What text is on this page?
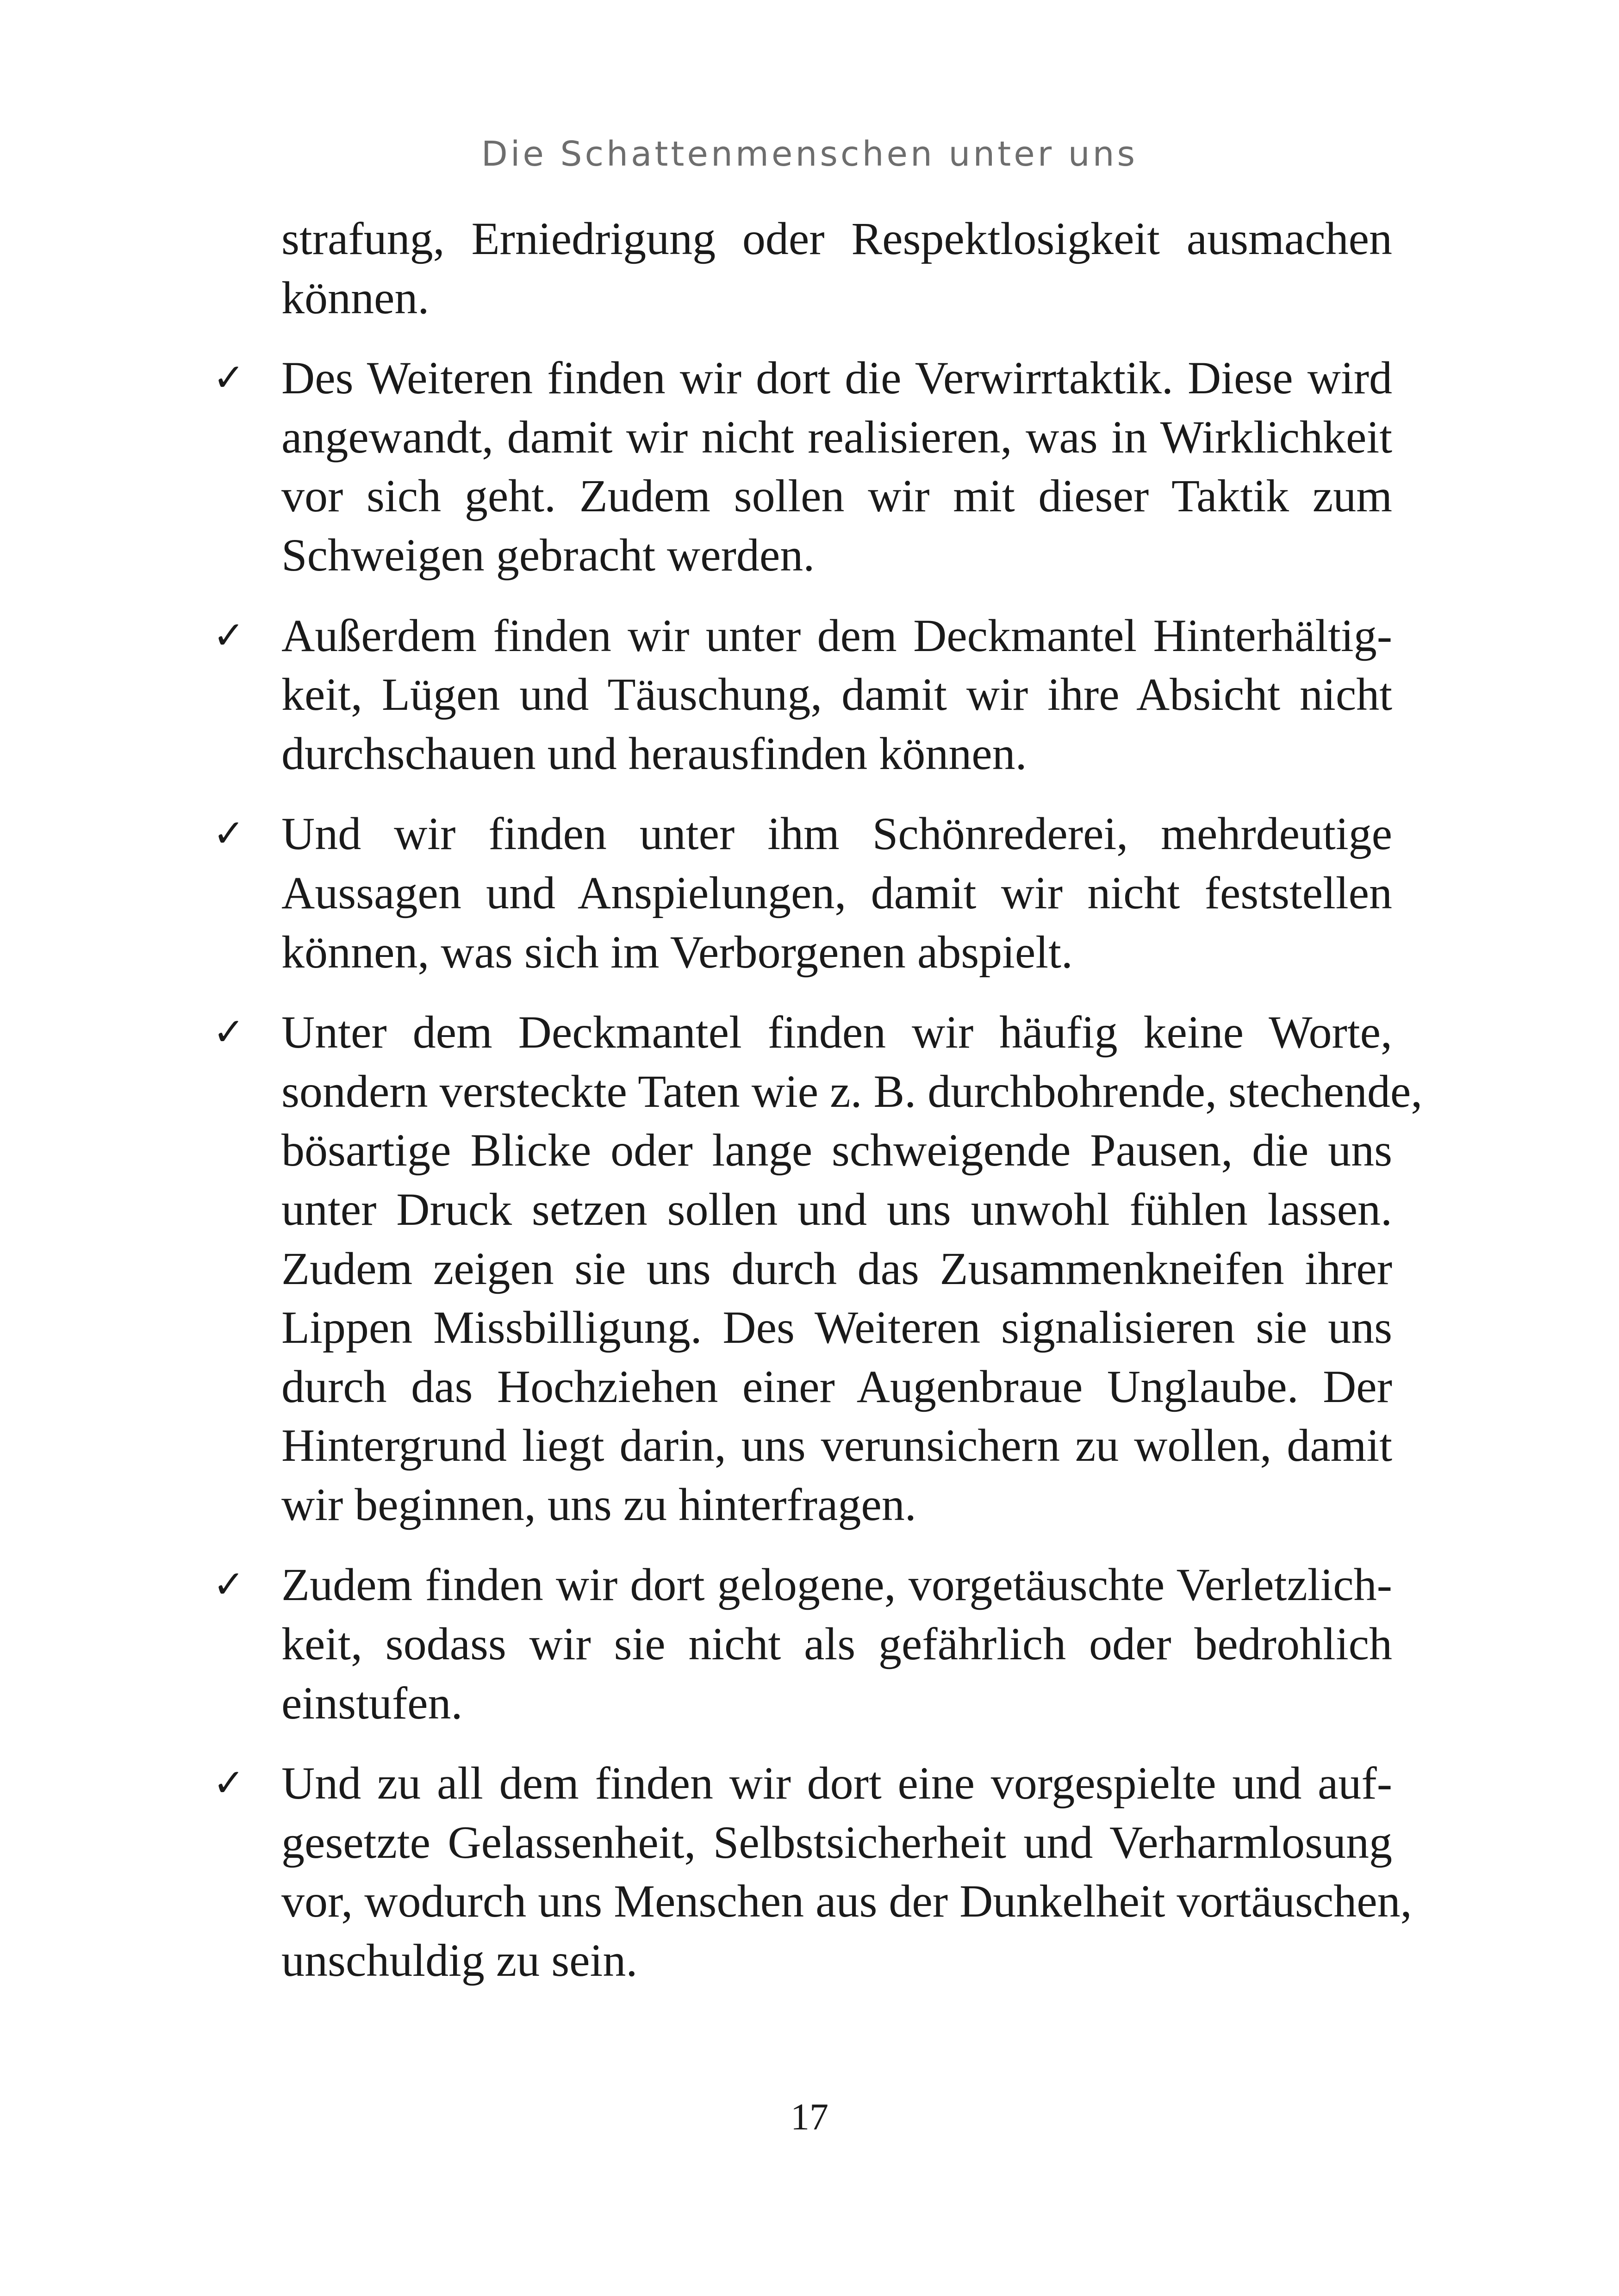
Die Schattenmenschen unter uns
strafung, Erniedrigung oder Respektlosigkeit ausmachen
können.
✓ Des Weiteren finden wir dort die Verwirrtaktik. Diese wird
angewandt, damit wir nicht realisieren, was in Wirklichkeit
vor sich geht. Zudem sollen wir mit dieser Taktik zum
Schweigen gebracht werden.
✓ Außerdem finden wir unter dem Deckmantel Hinterhältig-
keit, Lügen und Täuschung, damit wir ihre Absicht nicht
durchschauen und herausfinden können.
✓ Und wir finden unter ihm Schönrederei, mehrdeutige
Aussagen und Anspielungen, damit wir nicht feststellen
können, was sich im Verborgenen abspielt.
✓ Unter dem Deckmantel finden wir häufig keine Worte,
sondern versteckte Taten wie z. B. durchbohrende, stechende,
bösartige Blicke oder lange schweigende Pausen, die uns
unter Druck setzen sollen und uns unwohl fühlen lassen.
Zudem zeigen sie uns durch das Zusammenkneifen ihrer
Lippen Missbilligung. Des Weiteren signalisieren sie uns
durch das Hochziehen einer Augenbraue Unglaube. Der
Hintergrund liegt darin, uns verunsichern zu wollen, damit
wir beginnen, uns zu hinterfragen.
✓ Zudem finden wir dort gelogene, vorgetäuschte Verletzlich-
keit, sodass wir sie nicht als gefährlich oder bedrohlich
einstufen.
✓ Und zu all dem finden wir dort eine vorgespielte und auf-
gesetzte Gelassenheit, Selbstsicherheit und Verharmlosung
vor, wodurch uns Menschen aus der Dunkelheit vortäuschen,
unschuldig zu sein.
17
